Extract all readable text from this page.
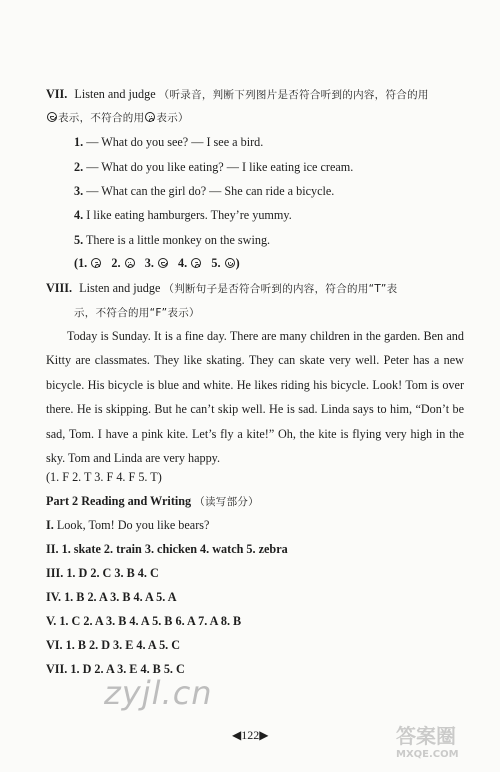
VII. Listen and judge （听录音，判断下列图片是否符合听到的内容，符合的用
表示，不符合的用 表示）
1. — What do you see? — I see a bird.
2. — What do you like eating? — I like eating ice cream.
3. — What can the girl do? — She can ride a bicycle.
4. I like eating hamburgers. They’re yummy.
5. There is a little monkey on the swing.
(1. 2. 3. 4. 5. )
VIII. Listen and judge （判断句子是否符合听到的内容，符合的用“T”表
示，不符合的用“F”表示）
Today is Sunday. It is a fine day. There are many children in the garden. Ben and Kitty are classmates. They like skating. They can skate very well. Peter has a new bicycle. His bicycle is blue and white. He likes riding his bicycle. Look! Tom is over there. He is skipping. But he can’t skip well. He is sad. Linda says to him, “Don’t be sad, Tom. I have a pink kite. Let’s fly a kite!” Oh, the kite is flying very high in the sky. Tom and Linda are very happy.
(1. F 2. T 3. F 4. F 5. T)
Part 2 Reading and Writing （读写部分）
I. Look, Tom! Do you like bears?
II. 1. skate 2. train 3. chicken 4. watch 5. zebra
III. 1. D 2. C 3. B 4. C
IV. 1. B 2. A 3. B 4. A 5. A
V. 1. C 2. A 3. B 4. A 5. B 6. A 7. A 8. B
VI. 1. B 2. D 3. E 4. A 5. C
VII. 1. D 2. A 3. E 4. B 5. C
zyjl.cn
◀122▶	答案圈
MXQE.COM
